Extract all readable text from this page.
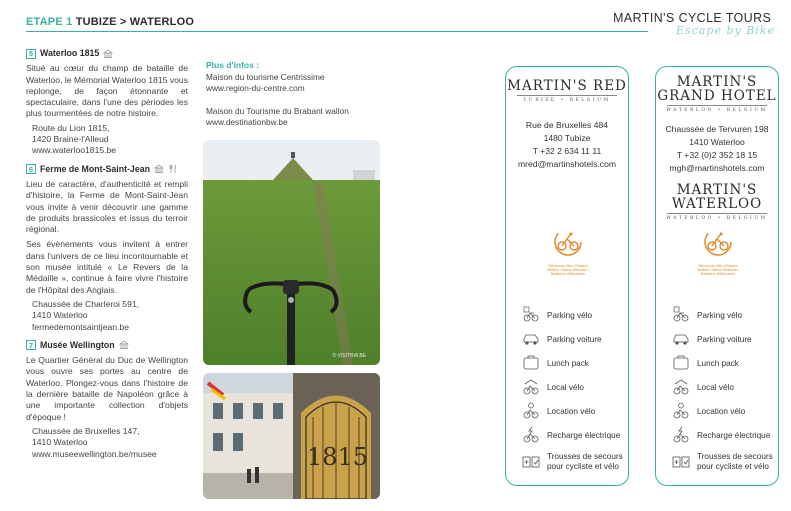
ETAPE 1 TUBIZE > WATERLOO	MARTIN'S CYCLE TOURS
Escape by Bike
5 Waterloo 1815
Situé au cœur du champ de bataille de Waterloo, le Mémorial Waterloo 1815 vous replonge, de façon étonnante et spectaculaire, dans l'une des périodes les plus tourmentées de notre histoire.
Route du Lion 1815,
1420 Braine-l'Alleud
www.waterloo1815.be
6 Ferme de Mont-Saint-Jean
Lieu de caractère, d'authenticité et rempli d'histoire, la Ferme de Mont-Saint-Jean vous invite à venir découvrir une gamme de produits brassicoles et issus du terroir régional.
Ses évènements vous invitent à entrer dans l'univers de ce lieu incontournable et son musée intitulé « Le Revers de la Médaille », continue à faire vivre l'histoire de l'Hôpital des Anglais.
Chaussée de Charleroi 591,
1410 Waterloo
fermedemontsaintjean.be
7 Musée Wellington
Le Quartier Général du Duc de Wellington vous ouvre ses portes au centre de Waterloo. Plongez-vous dans l'histoire de la dernière bataille de Napoléon grâce à une importante collection d'objets d'époque !
Chaussée de Bruxelles 147,
1410 Waterloo
www.museewellington.be/musee
Plus d'infos :
Maison du tourisme Centrissime
www.region-du-centre.com
Maison du Tourisme du Brabant wallon
www.destinationbw.be
© VISITBW.BE
1815
MARTIN'S RED
TUBIZE • BELGIUM
Rue de Bruxelles 484
1480 Tubize
T +32 2 634 11 11
mred@martinshotels.com
Bienvenue Vélo • Fietsers Welkom • Bikers Welcome • Radfahrer Willkommen
Parking vélo
Parking voiture
Lunch pack
Local vélo
Location vélo
Recharge électrique
Trousses de secours pour cycliste et vélo
MARTIN'S
GRAND HOTEL
WATERLOO • BELGIUM
Chaussée de Tervuren 198
1410 Waterloo
T +32 (0)2 352 18 15
mgh@martinshotels.com
MARTIN'S
WATERLOO
WATERLOO • BELGIUM
Bienvenue Vélo • Fietsers Welkom • Bikers Welcome • Radfahrer Willkommen
Parking vélo
Parking voiture
Lunch pack
Local vélo
Location vélo
Recharge électrique
Trousses de secours pour cycliste et vélo
